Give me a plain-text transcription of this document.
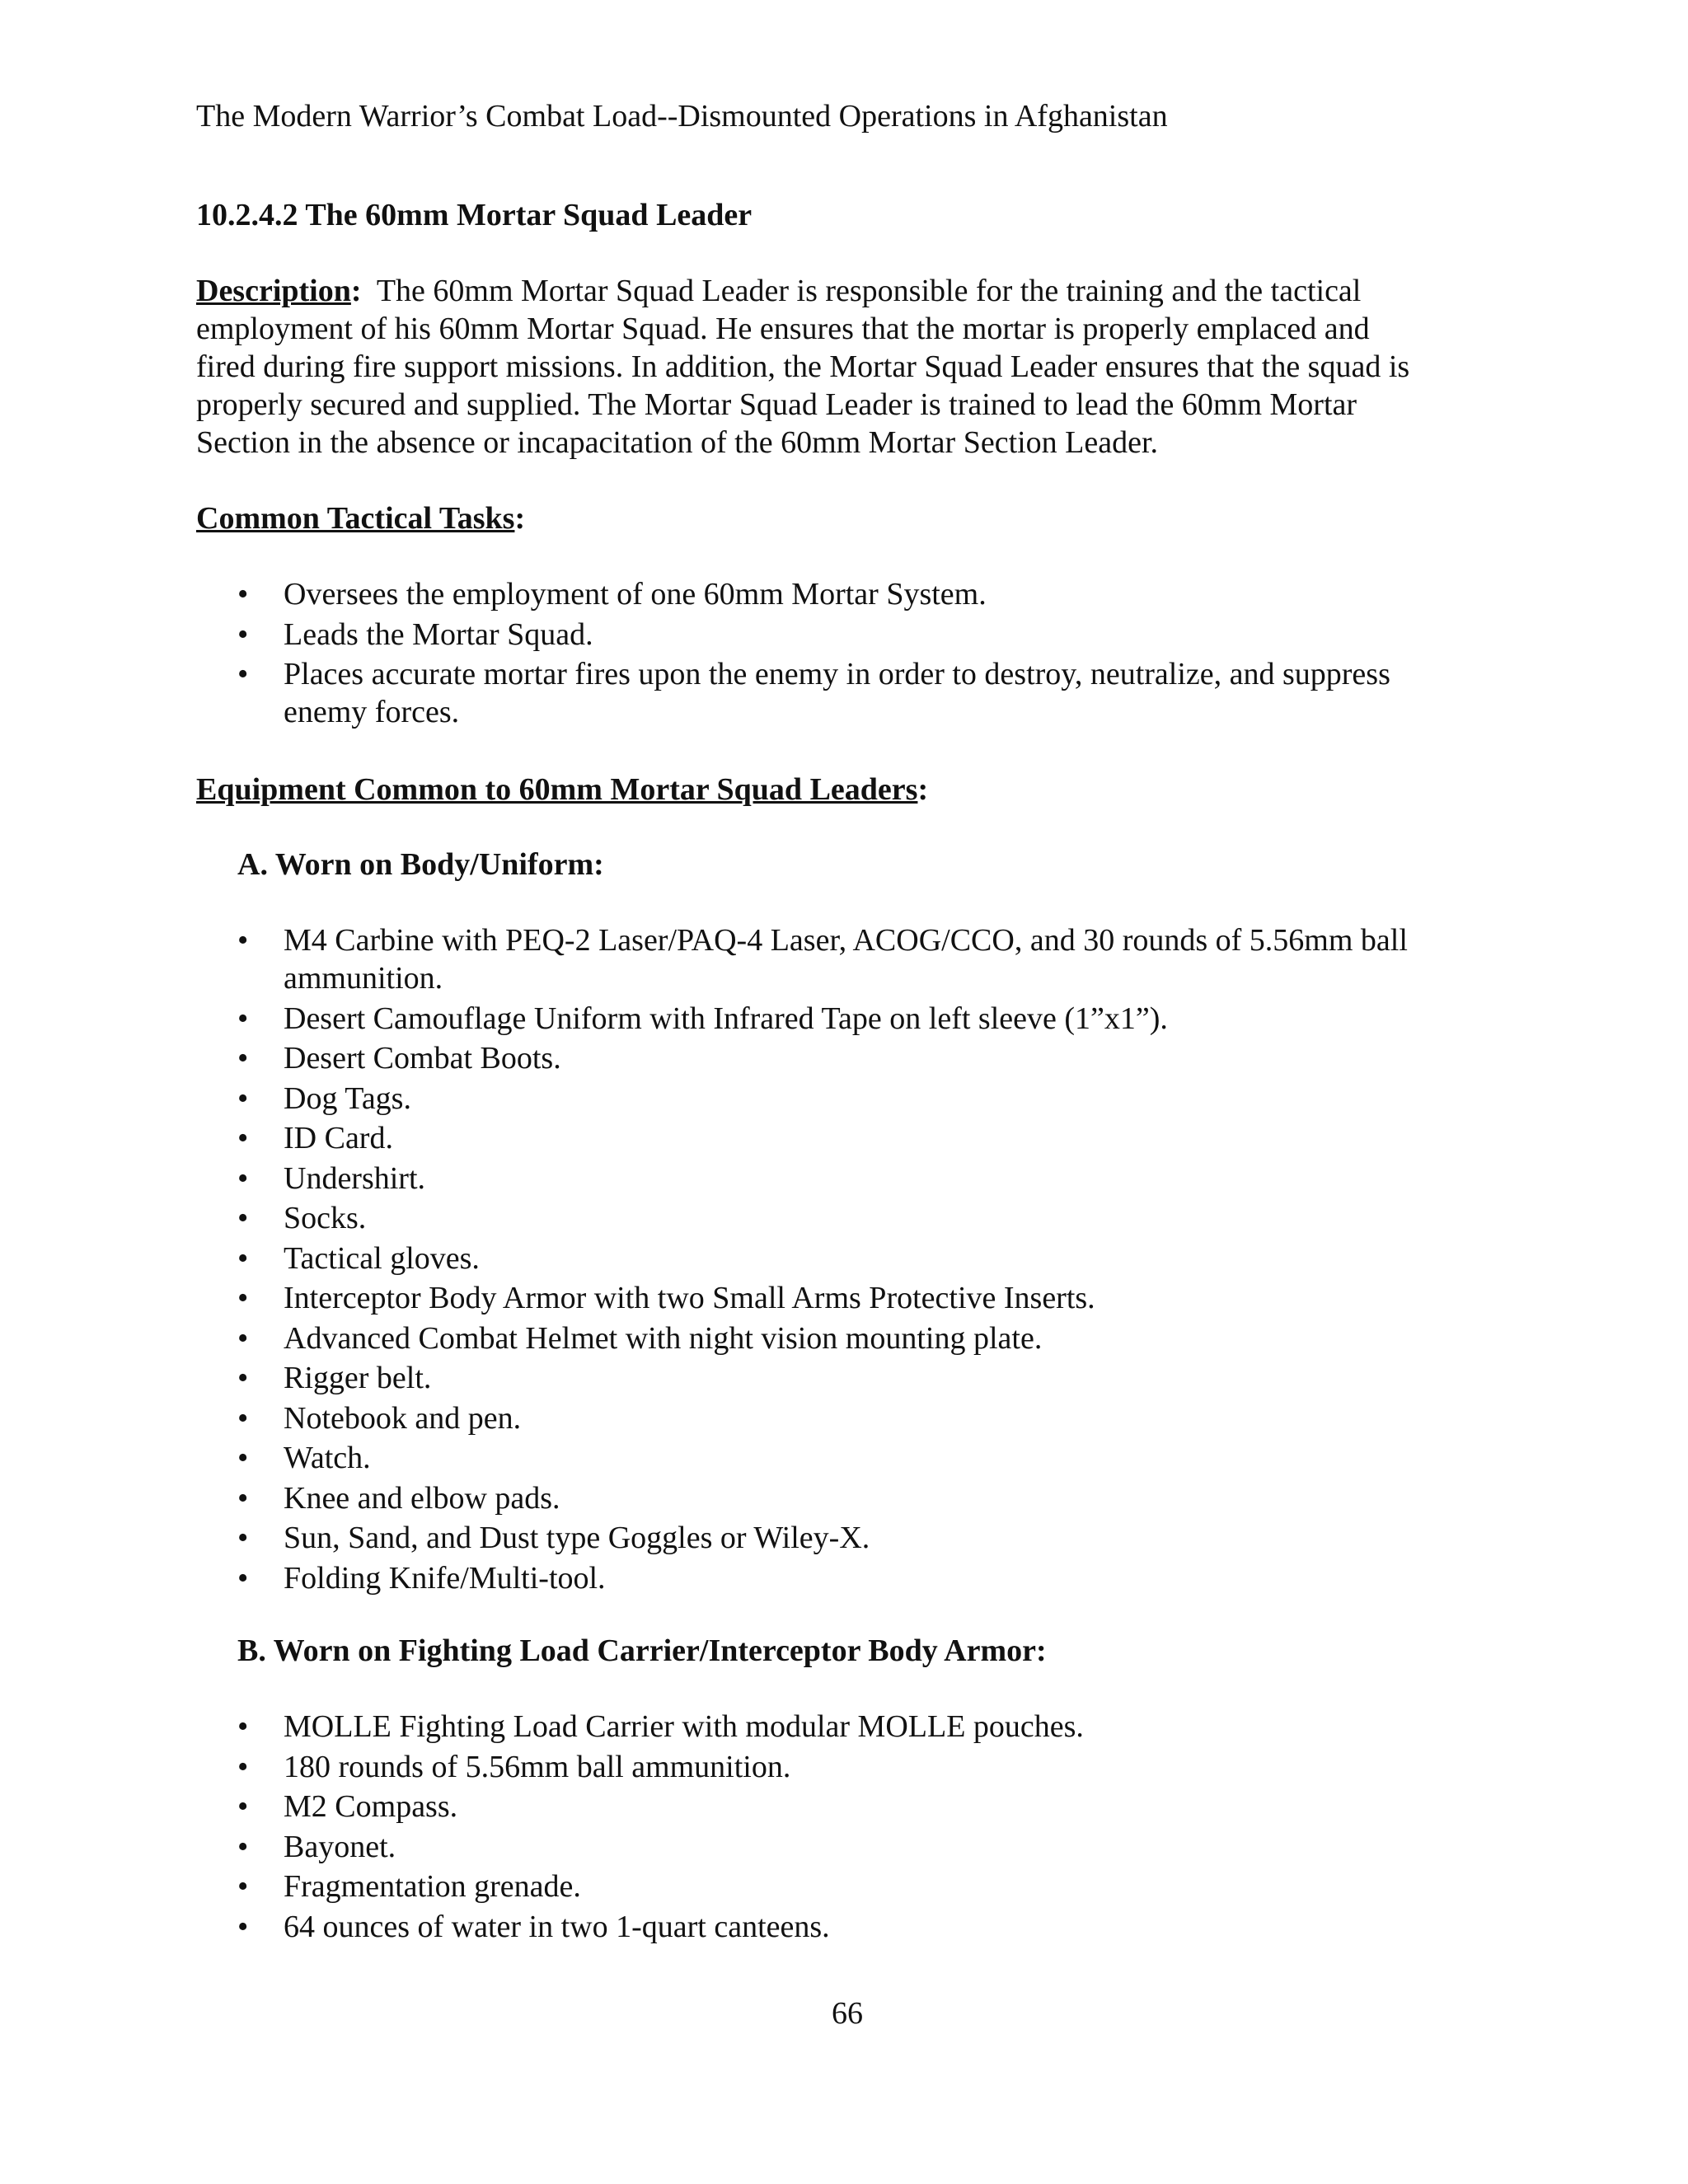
The Modern Warrior’s Combat Load--Dismounted Operations in Afghanistan
10.2.4.2 The 60mm Mortar Squad Leader

Description:  The 60mm Mortar Squad Leader is responsible for the training and the tactical
employment of his 60mm Mortar Squad. He ensures that the mortar is properly emplaced and
fired during fire support missions. In addition, the Mortar Squad Leader ensures that the squad is
properly secured and supplied. The Mortar Squad Leader is trained to lead the 60mm Mortar
Section in the absence or incapacitation of the 60mm Mortar Section Leader.

Common Tactical Tasks:
• Oversees the employment of one 60mm Mortar System.
• Leads the Mortar Squad.
• Places accurate mortar fires upon the enemy in order to destroy, neutralize, and suppress
enemy forces.
Equipment Common to 60mm Mortar Squad Leaders:
A. Worn on Body/Uniform:
• M4 Carbine with PEQ-2 Laser/PAQ-4 Laser, ACOG/CCO, and 30 rounds of 5.56mm ball
ammunition.
• Desert Camouflage Uniform with Infrared Tape on left sleeve (1”x1”).
• Desert Combat Boots.
• Dog Tags.
• ID Card.
• Undershirt.
• Socks.
• Tactical gloves.
• Interceptor Body Armor with two Small Arms Protective Inserts.
• Advanced Combat Helmet with night vision mounting plate.
• Rigger belt.
• Notebook and pen.
• Watch.
• Knee and elbow pads.
• Sun, Sand, and Dust type Goggles or Wiley-X.
• Folding Knife/Multi-tool.
B. Worn on Fighting Load Carrier/Interceptor Body Armor:
• MOLLE Fighting Load Carrier with modular MOLLE pouches.
• 180 rounds of 5.56mm ball ammunition.
• M2 Compass.
• Bayonet.
• Fragmentation grenade.
• 64 ounces of water in two 1-quart canteens.
66
